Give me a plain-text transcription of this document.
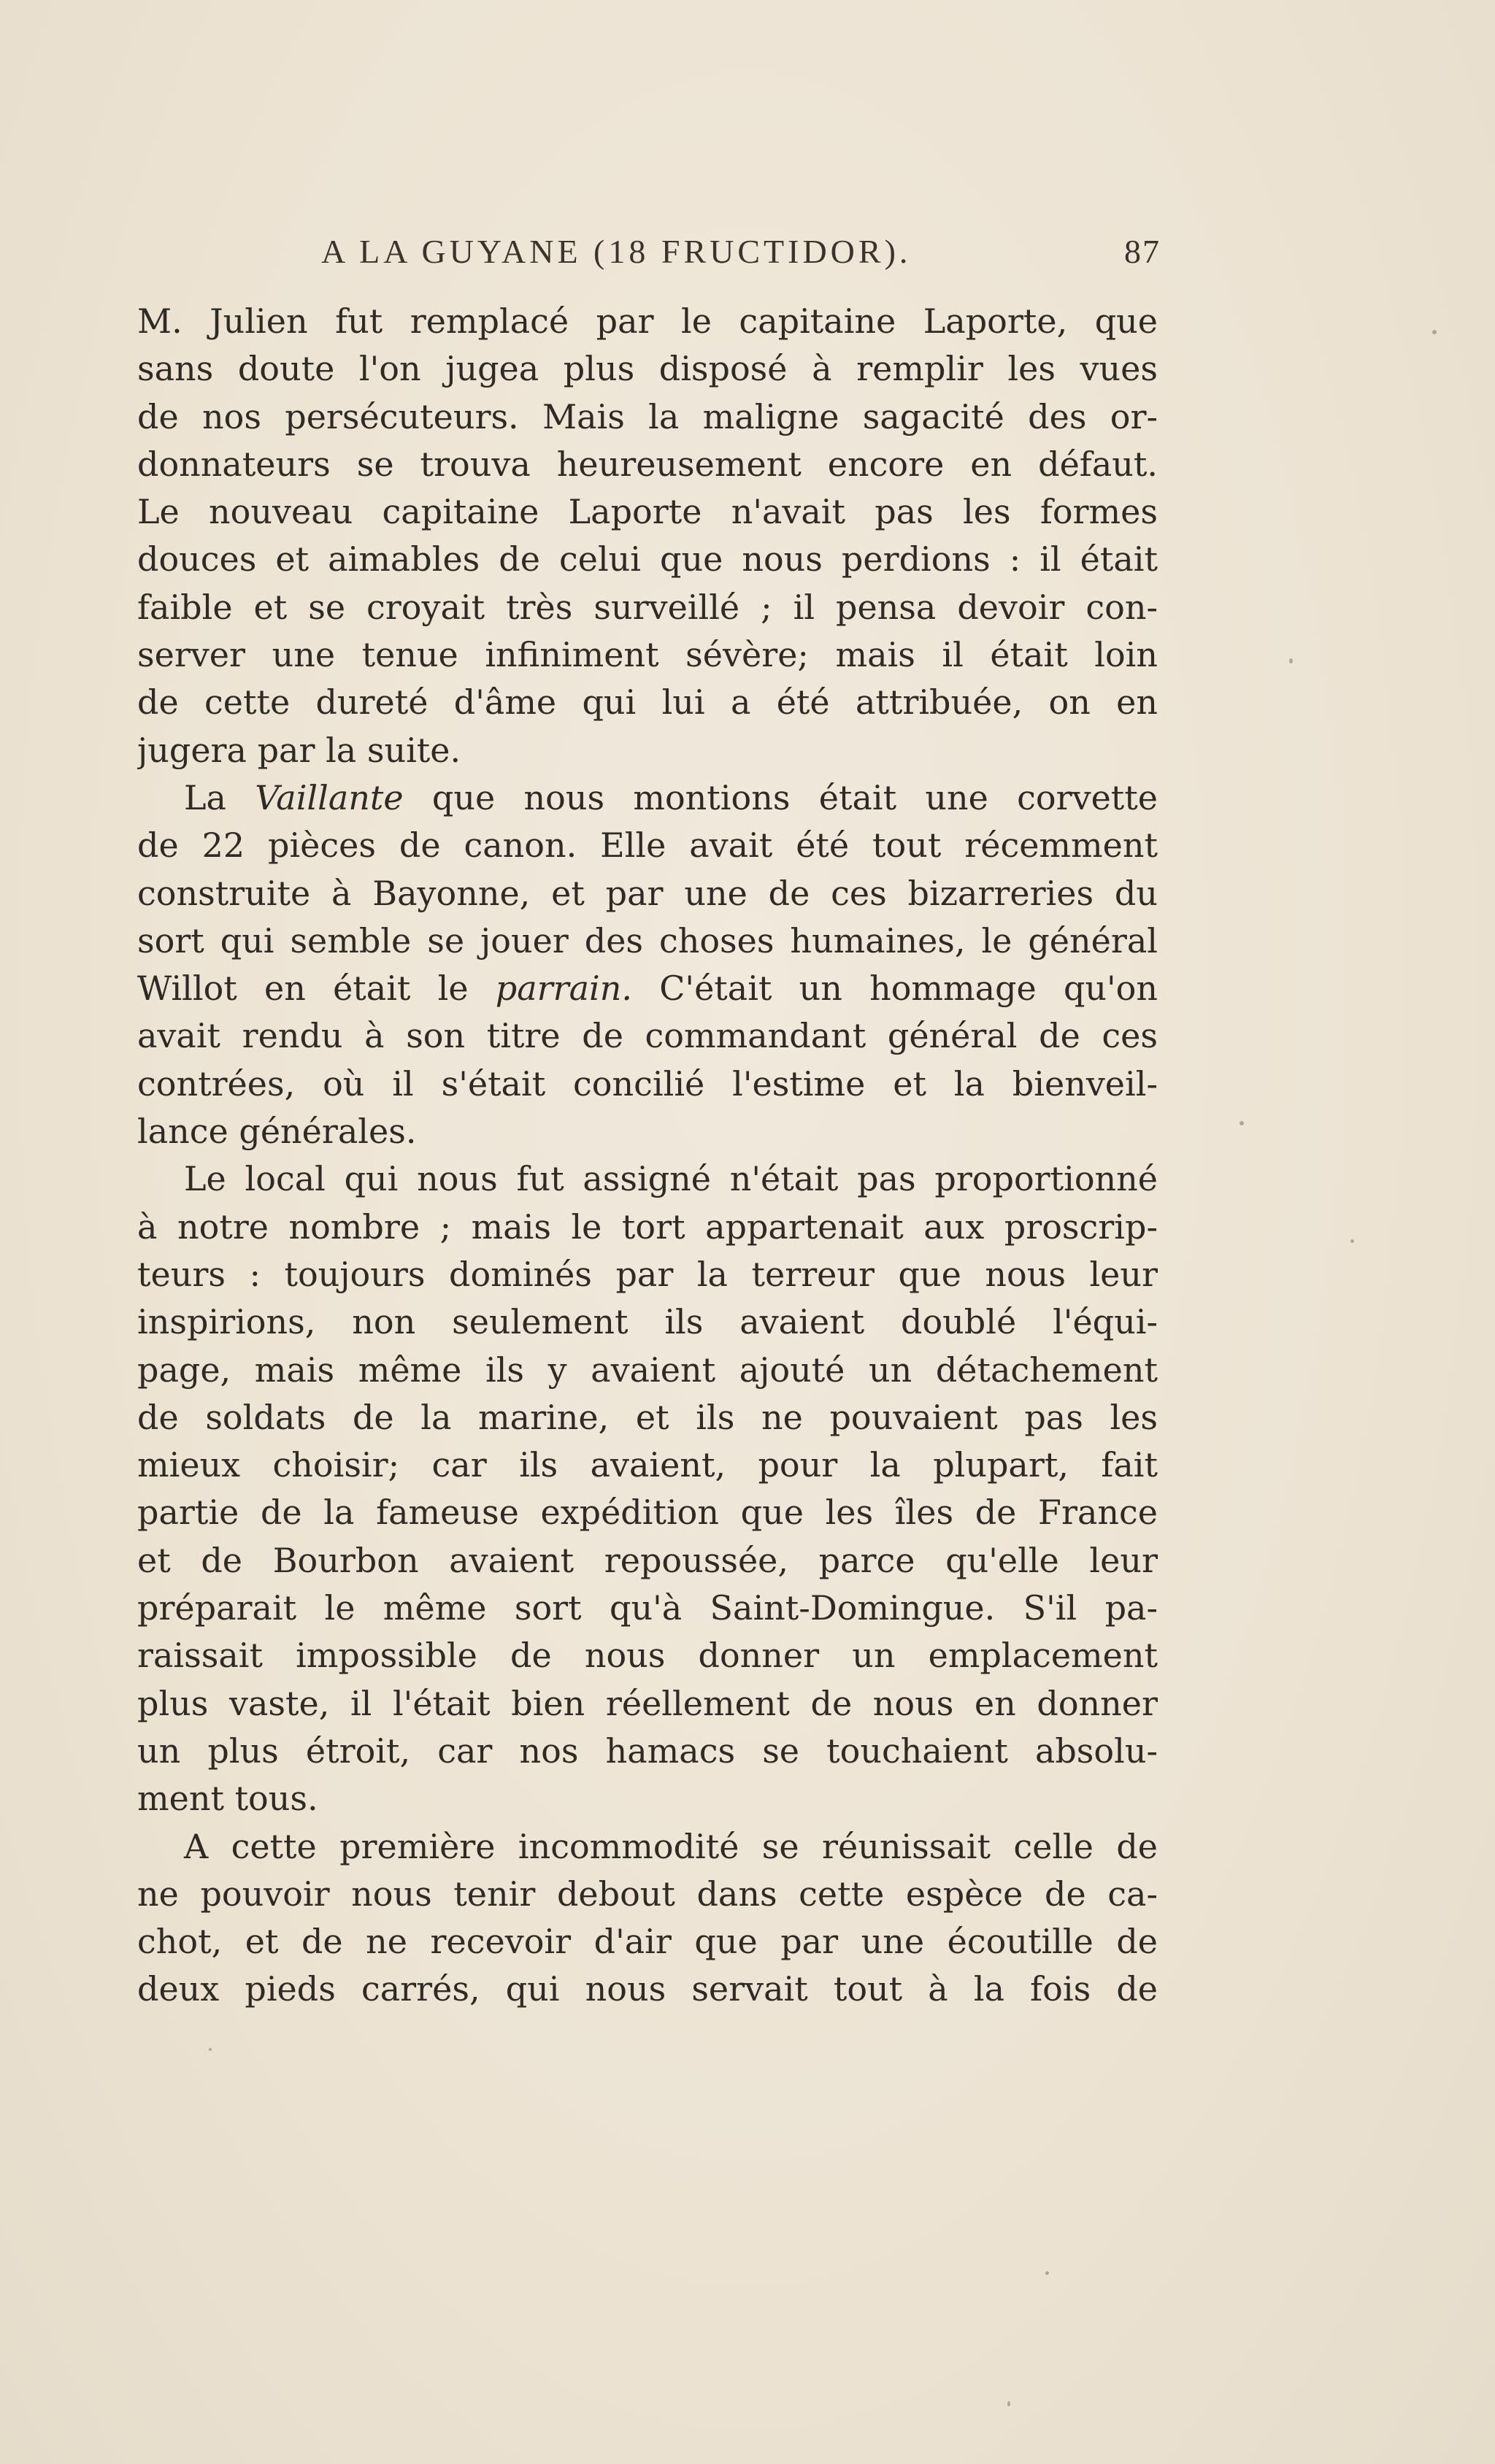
A LA GUYANE (18 FRUCTIDOR).	87
M. Julien fut remplacé par le capitaine Laporte, que
sans doute l'on jugea plus disposé à remplir les vues
de nos persécuteurs. Mais la maligne sagacité des or-
donnateurs se trouva heureusement encore en défaut.
Le nouveau capitaine Laporte n'avait pas les formes
douces et aimables de celui que nous perdions : il était
faible et se croyait très surveillé ; il pensa devoir con-
server une tenue infiniment sévère; mais il était loin
de cette dureté d'âme qui lui a été attribuée, on en
jugera par la suite.
La Vaillante que nous montions était une corvette
de 22 pièces de canon. Elle avait été tout récemment
construite à Bayonne, et par une de ces bizarreries du
sort qui semble se jouer des choses humaines, le général
Willot en était le parrain. C'était un hommage qu'on
avait rendu à son titre de commandant général de ces
contrées, où il s'était concilié l'estime et la bienveil-
lance générales.
Le local qui nous fut assigné n'était pas proportionné
à notre nombre ; mais le tort appartenait aux proscrip-
teurs : toujours dominés par la terreur que nous leur
inspirions, non seulement ils avaient doublé l'équi-
page, mais même ils y avaient ajouté un détachement
de soldats de la marine, et ils ne pouvaient pas les
mieux choisir; car ils avaient, pour la plupart, fait
partie de la fameuse expédition que les îles de France
et de Bourbon avaient repoussée, parce qu'elle leur
préparait le même sort qu'à Saint-Domingue. S'il pa-
raissait impossible de nous donner un emplacement
plus vaste, il l'était bien réellement de nous en donner
un plus étroit, car nos hamacs se touchaient absolu-
ment tous.
A cette première incommodité se réunissait celle de
ne pouvoir nous tenir debout dans cette espèce de ca-
chot, et de ne recevoir d'air que par une écoutille de
deux pieds carrés, qui nous servait tout à la fois de
